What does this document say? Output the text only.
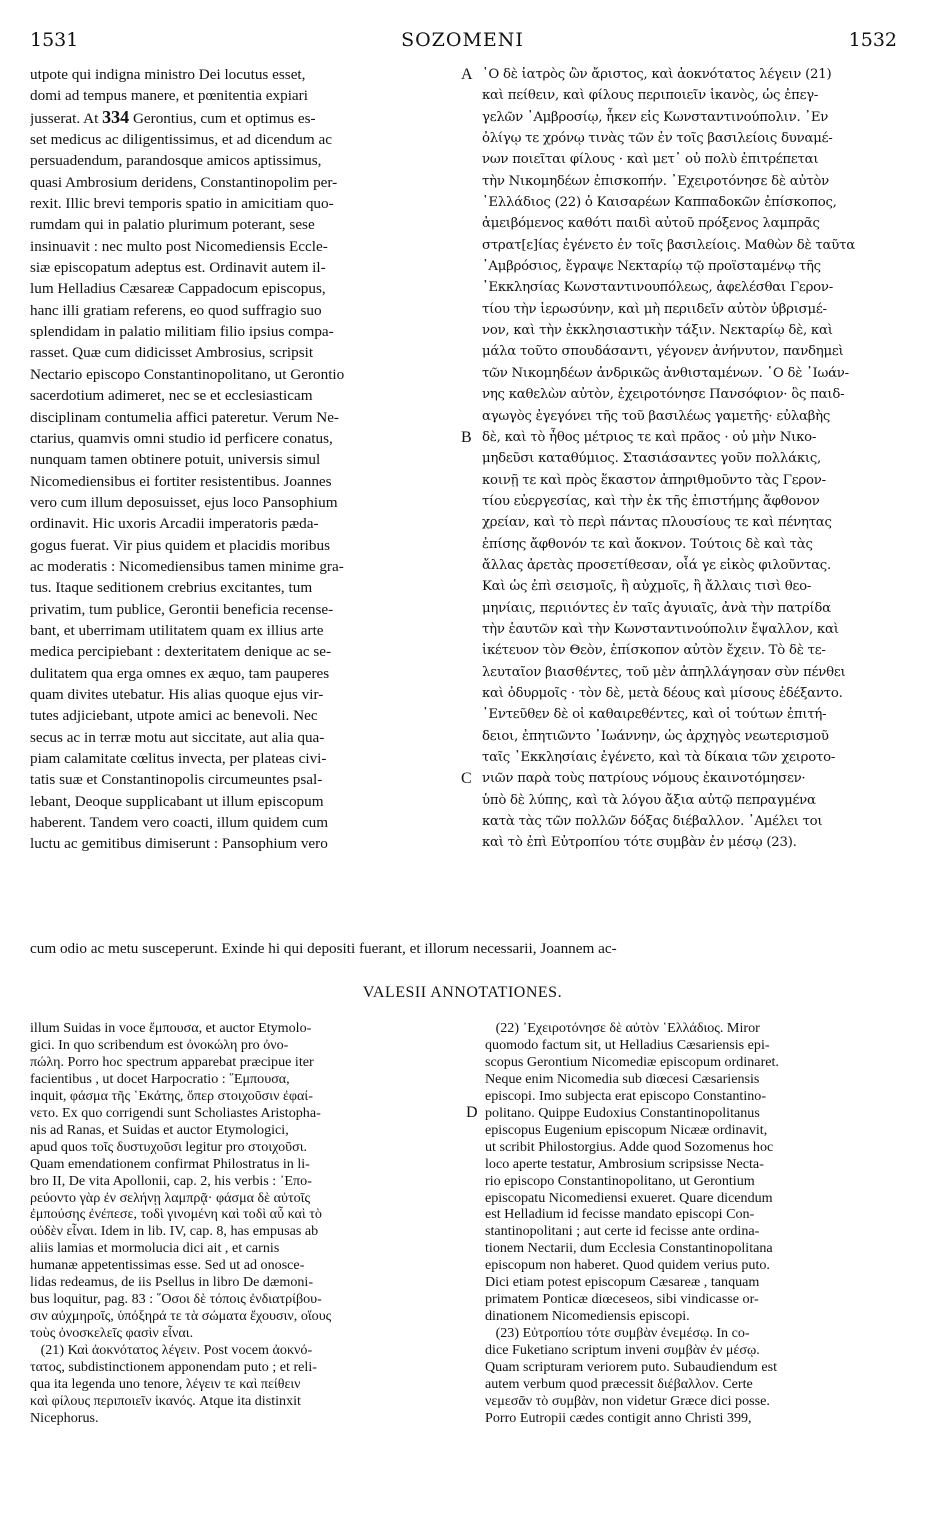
1531	SOZOMENI	1532
utpote qui indigna ministro Dei locutus esset,
domi ad tempus manere, et pœnitentia expiari
jusserat. At 334 Gerontius, cum et optimus es-
set medicus ac diligentissimus, et ad dicendum ac
persuadendum, parandosque amicos aptissimus,
quasi Ambrosium deridens, Constantinopolim per-
rexit. Illic brevi temporis spatio in amicitiam quo-
rumdam qui in palatio plurimum poterant, sese
insinuavit : nec multo post Nicomediensis Eccle-
siæ episcopatum adeptus est. Ordinavit autem il-
lum Helladius Cæsareæ Cappadocum episcopus,
hanc illi gratiam referens, eo quod suffragio suo
splendidam in palatio militiam filio ipsius compa-
rasset. Quæ cum didicisset Ambrosius, scripsit
Nectario episcopo Constantinopolitano, ut Gerontio
sacerdotium adimeret, nec se et ecclesiasticam
disciplinam contumelia affici pateretur. Verum Ne-
ctarius, quamvis omni studio id perficere conatus,
nunquam tamen obtinere potuit, universis simul
Nicomediensibus ei fortiter resistentibus. Joannes
vero cum illum deposuisset, ejus loco Pansophium
ordinavit. Hic uxoris Arcadii imperatoris pæda-
gogus fuerat. Vir pius quidem et placidis moribus
ac moderatis : Nicomediensibus tamen minime gra-
tus. Itaque seditionem crebrius excitantes, tum
privatim, tum publice, Gerontii beneficia recense-
bant, et uberrimam utilitatem quam ex illius arte
medica percipiebant : dexteritatem denique ac se-
dulitatem qua erga omnes ex æquo, tam pauperes
quam divites utebatur. His alias quoque ejus vir-
tutes adjiciebant, utpote amici ac benevoli. Nec
secus ac in terræ motu aut siccitate, aut alia qua-
piam calamitate cœlitus invecta, per plateas civi-
tatis suæ et Constantinopolis circumeuntes psal-
lebant, Deoque supplicabant ut illum episcopum
haberent. Tandem vero coacti, illum quidem cum
luctu ac gemitibus dimiserunt : Pansophium vero
῾Ο δὲ ἰατρὸς ὢν ἄριστος, καὶ ἀοκνότατος λέγειν (21)
καὶ πείθειν, καὶ φίλους περιποιεῖν ἱκανὸς, ὡς ἐπεγ-
γελῶν ᾿Αμβροσίῳ, ἧκεν εἰς Κωνσταντινούπολιν. ᾿Εν
ὀλίγῳ τε χρόνῳ τινὰς τῶν ἐν τοῖς βασιλείοις δυναμέ-
νων ποιεῖται φίλους · καὶ μετ᾿ οὐ πολὺ ἐπιτρέπεται
τὴν Νικομηδέων ἐπισκοπήν. ᾿Εχειροτόνησε δὲ αὐτὸν
῾Ελλάδιος (22) ὁ Καισαρέων Καππαδοκῶν ἐπίσκοπος,
ἀμειβόμενος καθότι παιδὶ αὐτοῦ πρόξενος λαμπρᾶς
στρατ[ε]ίας ἐγένετο ἐν τοῖς βασιλείοις. Μαθὼν δὲ ταῦτα
᾿Αμβρόσιος, ἔγραψε Νεκταρίῳ τῷ προϊσταμένῳ τῆς
᾿Εκκλησίας Κωνσταντινουπόλεως, ἀφελέσθαι Γερον-
τίου τὴν ἱερωσύνην, καὶ μὴ περιιδεῖν αὐτὸν ὑβρισμέ-
νον, καὶ τὴν ἐκκλησιαστικὴν τάξιν. Νεκταρίῳ δὲ, καὶ
μάλα τοῦτο σπουδάσαντι, γέγονεν ἀνήνυτον, πανδημεὶ
τῶν Νικομηδέων ἀνδρικῶς ἀνθισταμένων. ῾Ο δὲ ᾿Ιωάν-
νης καθελὼν αὐτὸν, ἐχειροτόνησε Πανσόφιον· ὃς παιδ-
αγωγὸς ἐγεγόνει τῆς τοῦ βασιλέως γαμετῆς· εὐλαβὴς
δὲ, καὶ τὸ ἦθος μέτριος τε καὶ πρᾶος · οὐ μὴν Νικο-
μηδεῦσι καταθύμιος. Στασιάσαντες γοῦν πολλάκις,
κοινῇ τε καὶ πρὸς ἕκαστον ἀπηριθμοῦντο τὰς Γερον-
τίου εὐεργεσίας, καὶ τὴν ἐκ τῆς ἐπιστήμης ἄφθονον
χρείαν, καὶ τὸ περὶ πάντας πλουσίους τε καὶ πένητας
ἐπίσης ἄφθονόν τε καὶ ἄοκνον. Τούτοις δὲ καὶ τὰς
ἄλλας ἀρετὰς προσετίθεσαν, οἷά γε εἰκὸς φιλοῦντας.
Καὶ ὡς ἐπὶ σεισμοῖς, ἢ αὐχμοῖς, ἢ ἄλλαις τισὶ θεο-
μηνίαις, περιιόντες ἐν ταῖς ἀγυιαῖς, ἀνὰ τὴν πατρίδα
τὴν ἑαυτῶν καὶ τὴν Κωνσταντινούπολιν ἔψαλλον, καὶ
ἱκέτευον τὸν Θεὸν, ἐπίσκοπον αὐτὸν ἔχειν. Τὸ δὲ τε-
λευταῖον βιασθέντες, τοῦ μὲν ἀπηλλάγησαν σὺν πένθει
καὶ ὀδυρμοῖς · τὸν δὲ, μετὰ δέους καὶ μίσους ἐδέξαντο.
᾿Εντεῦθεν δὲ οἱ καθαιρεθέντες, καὶ οἱ τούτων ἐπιτή-
δειοι, ἐπητιῶντο ᾿Ιωάννην, ὡς ἀρχηγὸς νεωτερισμοῦ
ταῖς ᾿Εκκλησίαις ἐγένετο, καὶ τὰ δίκαια τῶν χειροτο-
νιῶν παρὰ τοὺς πατρίους νόμους ἐκαινοτόμησεν·
ὑπὸ δὲ λύπης, καὶ τὰ λόγου ἄξια αὐτῷ πεπραγμένα
κατὰ τὰς τῶν πολλῶν δόξας διέβαλλον. ᾿Αμέλει τοι
καὶ τὸ ἐπὶ Εὐτροπίου τότε συμβὰν ἐν μέσῳ (23).
A
B
C
D
cum odio ac metu susceperunt. Exinde hi qui depositi fuerant, et illorum necessarii, Joannem ac-
VALESII ANNOTATIONES.
illum Suidas in voce ἔμπουσα, et auctor Etymolo-
gici. In quo scribendum est ὀνοκώλη pro ὀνο-
πώλη. Porro hoc spectrum apparebat præcipue iter
facientibus , ut docet Harpocratio : ῞Εμπουσα,
inquit, φάσμα τῆς ῾Εκάτης, ὅπερ στοιχοῦσιν ἐφαί-
νετο. Ex quo corrigendi sunt Scholiastes Aristopha-
nis ad Ranas, et Suidas et auctor Etymologici,
apud quos τοῖς δυστυχοῦσι legitur pro στοιχοῦσι.
Quam emendationem confirmat Philostratus in li-
bro II, De vita Apollonii, cap. 2, his verbis : ᾿Επο-
ρεύοντο γὰρ ἐν σελήνῃ λαμπρᾷ· φάσμα δὲ αὐτοῖς
ἐμπούσης ἐνέπεσε, τοδὶ γινομένη καὶ τοδὶ αὖ καὶ τὸ
οὐδὲν εἶναι. Idem in lib. IV, cap. 8, has empusas ab
aliis lamias et mormolucia dici ait , et carnis
humanæ appetentissimas esse. Sed ut ad onosce-
lidas redeamus, de iis Psellus in libro De dæmoni-
bus loquitur, pag. 83 : ῞Οσοι δὲ τόποις ἐνδιατρίβου-
σιν αὐχμηροῖς, ὑπόξηρά τε τὰ σώματα ἔχουσιν, οἵους
τοὺς ὀνοσκελεῖς φασὶν εἶναι.
(21) Καὶ ἀοκνότατος λέγειν. Post vocem ἀοκνό-
τατος, subdistinctionem apponendam puto ; et reli-
qua ita legenda uno tenore, λέγειν τε καὶ πείθειν
καὶ φίλους περιποιεῖν ἱκανός. Atque ita distinxit
Nicephorus.
(22) ᾿Εχειροτόνησε δὲ αὐτὸν ῾Ελλάδιος. Miror
quomodo factum sit, ut Helladius Cæsariensis epi-
scopus Gerontium Nicomediæ episcopum ordinaret.
Neque enim Nicomedia sub diœcesi Cæsariensis
episcopi. Imo subjecta erat episcopo Constantino-
politano. Quippe Eudoxius Constantinopolitanus
episcopus Eugenium episcopum Nicææ ordinavit,
ut scribit Philostorgius. Adde quod Sozomenus hoc
loco aperte testatur, Ambrosium scripsisse Necta-
rio episcopo Constantinopolitano, ut Gerontium
episcopatu Nicomediensi exueret. Quare dicendum
est Helladium id fecisse mandato episcopi Con-
stantinopolitani ; aut certe id fecisse ante ordina-
tionem Nectarii, dum Ecclesia Constantinopolitana
episcopum non haberet. Quod quidem verius puto.
Dici etiam potest episcopum Cæsareæ , tanquam
primatem Ponticæ diœceseos, sibi vindicasse or-
dinationem Nicomediensis episcopi.
(23) Εὐτροπίου τότε συμβὰν ἐνεμέσῳ. In co-
dice Fuketiano scriptum inveni συμβὰν ἐν μέσῳ.
Quam scripturam veriorem puto. Subaudiendum est
autem verbum quod præcessit διέβαλλον. Certe
νεμεσᾶν τὸ συμβὰν, non videtur Græce dici posse.
Porro Eutropii cædes contigit anno Christi 399,
